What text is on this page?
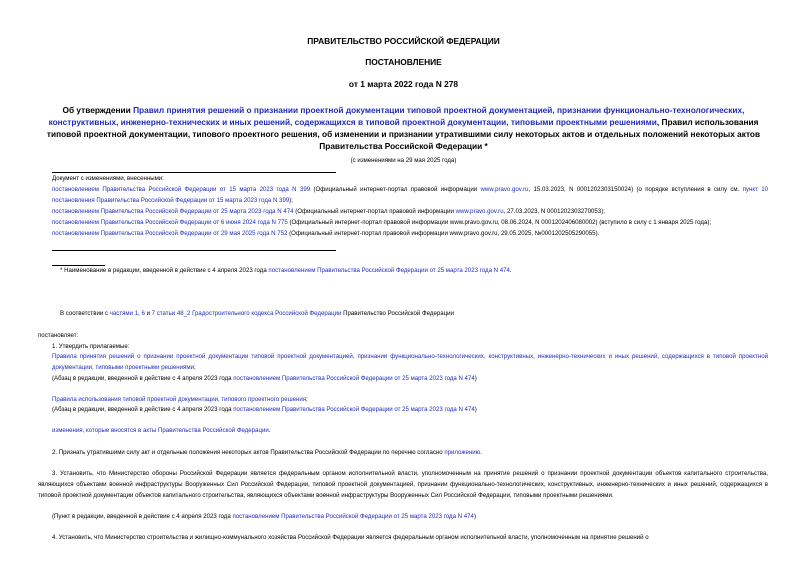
ПРАВИТЕЛЬСТВО РОССИЙСКОЙ ФЕДЕРАЦИИ
ПОСТАНОВЛЕНИЕ
от 1 марта 2022 года N 278
Об утверждении Правил принятия решений о признании проектной документации типовой проектной документацией, признании функционально-технологических, конструктивных, инженерно-технических и иных решений, содержащихся в типовой проектной документации, типовыми проектными решениями, Правил использования типовой проектной документации, типового проектного решения, об изменении и признании утратившими силу некоторых актов и отдельных положений некоторых актов Правительства Российской Федерации *
(с изменениями на 29 мая 2025 года)
Документ с изменениями, внесенными:
постановлением Правительства Российской Федерации от 15 марта 2023 года N 399 (Официальный интернет-портал правовой информации www.pravo.gov.ru, 15.03.2023, N 0001202303150024) (о порядке вступления в силу см. пункт 10 постановления Правительства Российской Федерации от 15 марта 2023 года N 399);
постановлением Правительства Российской Федерации от 25 марта 2023 года N 474 (Официальный интернет-портал правовой информации www.pravo.gov.ru, 27.03.2023, N 0001202303270053);
постановлением Правительства Российской Федерации от 6 июня 2024 года N 775 (Официальный интернет-портал правовой информации www.pravo.gov.ru, 08.06.2024, N 0001202406080002) (вступило в силу с 1 января 2025 года);
постановлением Правительства Российской Федерации от 29 мая 2025 года N 752 (Официальный интернет-портал правовой информации www.pravo.gov.ru, 29.05.2025, №0001202505290055).
* Наименование в редакции, введенной в действие с 4 апреля 2023 года постановлением Правительства Российской Федерации от 25 марта 2023 года N 474.
В соответствии с частями 1, 6 и 7 статьи 48_2 Градостроительного кодекса Российской Федерации Правительство Российской Федерации
постановляет:
1. Утвердить прилагаемые:
Правила принятия решений о признании проектной документации типовой проектной документацией, признании функционально-технологических, конструктивных, инженерно-технических и иных решений, содержащихся в типовой проектной документации, типовыми проектными решениями;
(Абзац в редакции, введенной в действие с 4 апреля 2023 года постановлением Правительства Российской Федерации от 25 марта 2023 года N 474)
Правила использования типовой проектной документации, типового проектного решения;
(Абзац в редакции, введенной в действие с 4 апреля 2023 года постановлением Правительства Российской Федерации от 25 марта 2023 года N 474)
изменения, которые вносятся в акты Правительства Российской Федерации.
2. Признать утратившими силу акт и отдельные положения некоторых актов Правительства Российской Федерации по перечню согласно приложению.
3. Установить, что Министерство обороны Российской Федерации является федеральным органом исполнительной власти, уполномоченным на принятие решений о признании проектной документации объектов капитального строительства, являющихся объектами военной инфраструктуры Вооруженных Сил Российской Федерации, типовой проектной документацией, признании функционально-технологических, конструктивных, инженерно-технических и иных решений, содержащихся в типовой проектной документации объектов капитального строительства, являющихся объектами военной инфраструктуры Вооруженных Сил Российской Федерации, типовыми проектными решениями.
(Пункт в редакции, введенной в действие с 4 апреля 2023 года постановлением Правительства Российской Федерации от 25 марта 2023 года N 474)
4. Установить, что Министерство строительства и жилищно-коммунального хозяйства Российской Федерации является федеральным органом исполнительной власти, уполномоченным на принятие решений о
